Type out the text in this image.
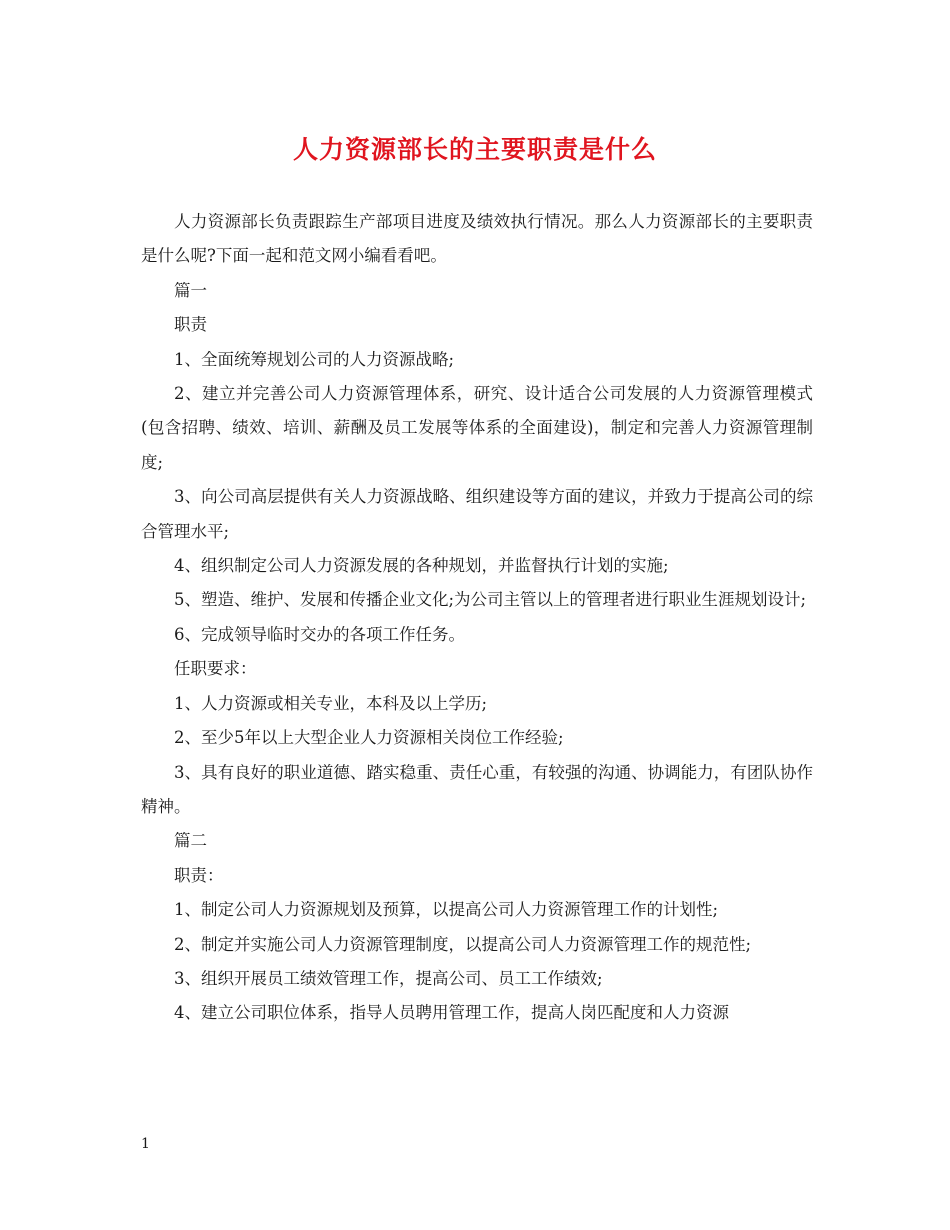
人力资源部长的主要职责是什么

人力资源部长负责跟踪生产部项目进度及绩效执行情况。那么人力资源部长的主要职责是什么呢?下面一起和范文网小编看看吧。

篇一

职责

1、全面统筹规划公司的人力资源战略;

2、建立并完善公司人力资源管理体系，研究、设计适合公司发展的人力资源管理模式(包含招聘、绩效、培训、薪酬及员工发展等体系的全面建设)，制定和完善人力资源管理制度;

3、向公司高层提供有关人力资源战略、组织建设等方面的建议，并致力于提高公司的综合管理水平;

4、组织制定公司人力资源发展的各种规划，并监督执行计划的实施;

5、塑造、维护、发展和传播企业文化;为公司主管以上的管理者进行职业生涯规划设计;

6、完成领导临时交办的各项工作任务。

任职要求：

1、人力资源或相关专业，本科及以上学历;

2、至少5年以上大型企业人力资源相关岗位工作经验;

3、具有良好的职业道德、踏实稳重、责任心重，有较强的沟通、协调能力，有团队协作精神。

篇二

职责：

1、制定公司人力资源规划及预算，以提高公司人力资源管理工作的计划性;

2、制定并实施公司人力资源管理制度，以提高公司人力资源管理工作的规范性;

3、组织开展员工绩效管理工作，提高公司、员工工作绩效;

4、建立公司职位体系，指导人员聘用管理工作，提高人岗匹配度和人力资源

1
